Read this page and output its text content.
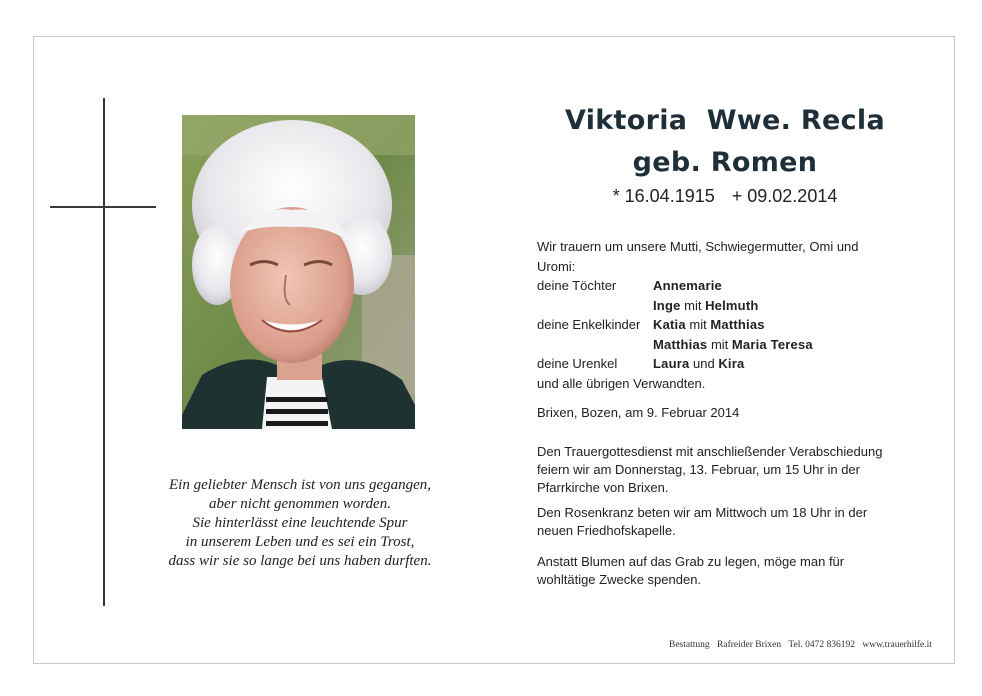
Ein geliebter Mensch ist von uns gegangen,
aber nicht genommen worden.
Sie hinterlässt eine leuchtende Spur
in unserem Leben und es sei ein Trost,
dass wir sie so lange bei uns haben durften.
Viktoria  Wwe. Recla
geb. Romen
* 16.04.1915 + 09.02.2014
Wir trauern um unsere Mutti, Schwiegermutter, Omi und
Uromi:
deine Töchter	Annemarie
Inge mit Helmuth
deine Enkelkinder Katia mit Matthias
Matthias mit Maria Teresa
deine Urenkel	Laura und Kira
und alle übrigen Verwandten.
Brixen, Bozen, am 9. Februar 2014
Den Trauergottesdienst mit anschließender Verabschiedung
feiern wir am Donnerstag, 13. Februar, um 15 Uhr in der
Pfarrkirche von Brixen.
Den Rosenkranz beten wir am Mittwoch um 18 Uhr in der
neuen Friedhofskapelle.
Anstatt Blumen auf das Grab zu legen, möge man für
wohltätige Zwecke spenden.
Bestattung Rafreider Brixen Tel. 0472 836192 www.trauerhilfe.it
